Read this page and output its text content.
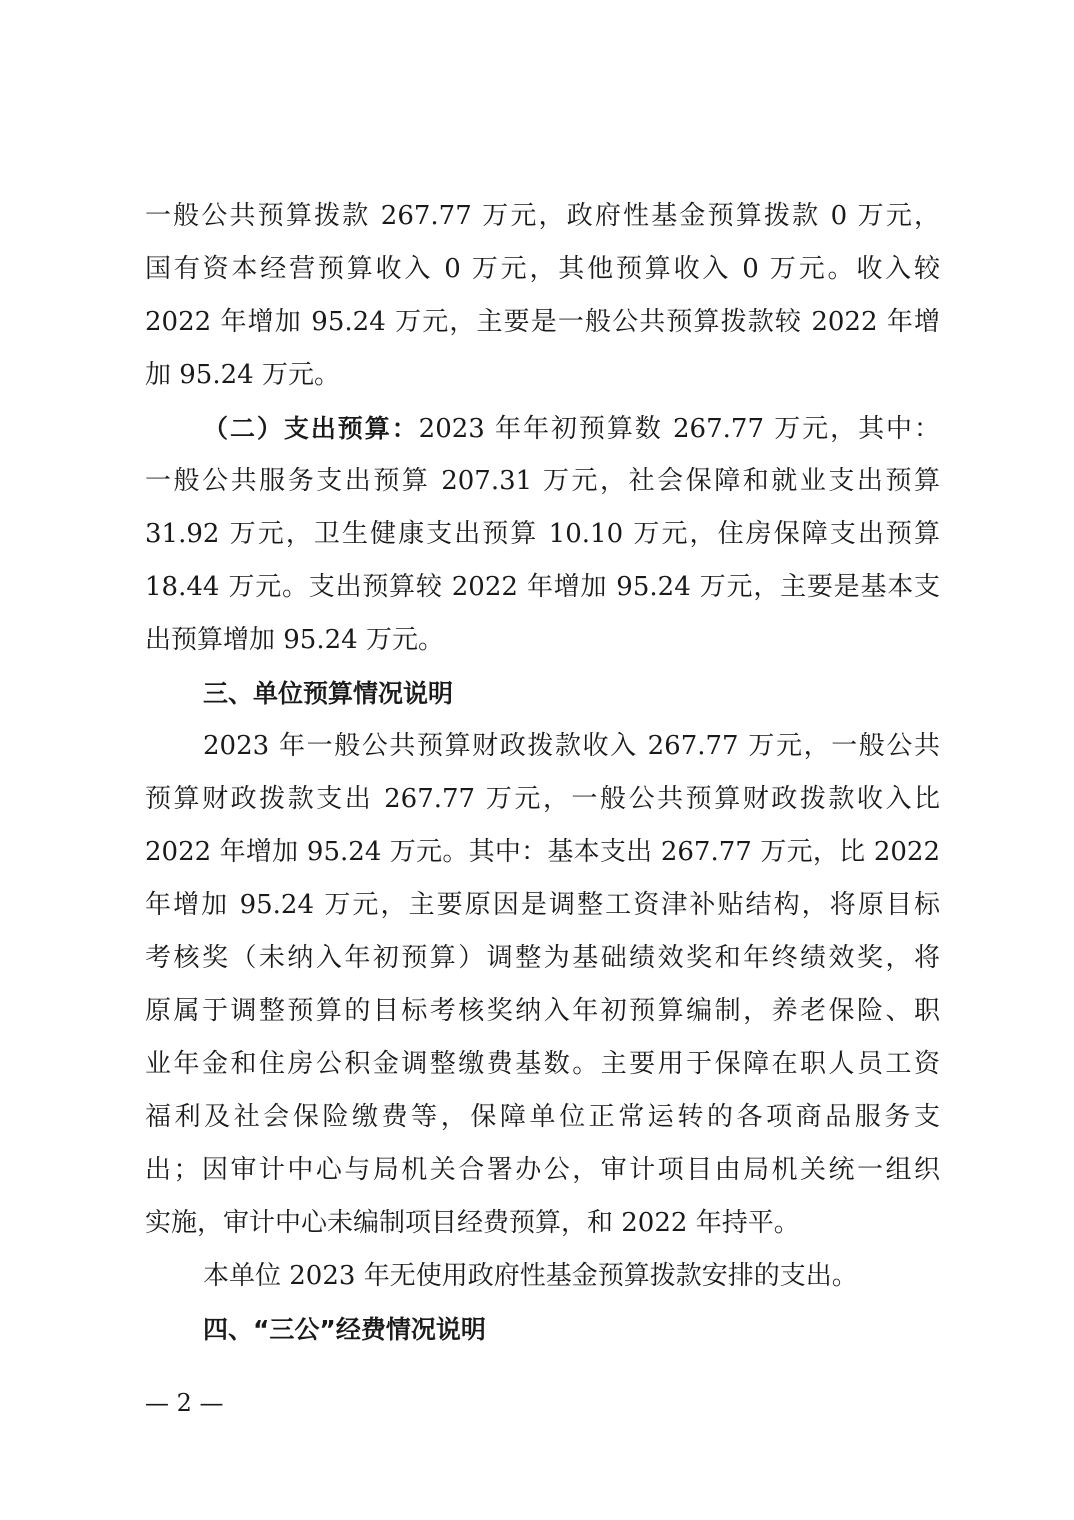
一般公共预算拨款 267.77 万元，政府性基金预算拨款 0 万元，
国有资本经营预算收入 0 万元，其他预算收入 0 万元。收入较
2022 年增加 95.24 万元，主要是一般公共预算拨款较 2022 年增
加 95.24 万元。
（二）支出预算：2023 年年初预算数 267.77 万元，其中：
一般公共服务支出预算 207.31 万元，社会保障和就业支出预算
31.92 万元，卫生健康支出预算 10.10 万元，住房保障支出预算
18.44 万元。支出预算较 2022 年增加 95.24 万元，主要是基本支
出预算增加 95.24 万元。
三、单位预算情况说明
2023 年一般公共预算财政拨款收入 267.77 万元，一般公共
预算财政拨款支出 267.77 万元，一般公共预算财政拨款收入比
2022 年增加 95.24 万元。其中：基本支出 267.77 万元，比 2022
年增加 95.24 万元，主要原因是调整工资津补贴结构，将原目标
考核奖（未纳入年初预算）调整为基础绩效奖和年终绩效奖，将
原属于调整预算的目标考核奖纳入年初预算编制，养老保险、职
业年金和住房公积金调整缴费基数。主要用于保障在职人员工资
福利及社会保险缴费等，保障单位正常运转的各项商品服务支
出；因审计中心与局机关合署办公，审计项目由局机关统一组织
实施，审计中心未编制项目经费预算，和 2022 年持平。
本单位 2023 年无使用政府性基金预算拨款安排的支出。
四、“三公”经费情况说明
— 2 —
